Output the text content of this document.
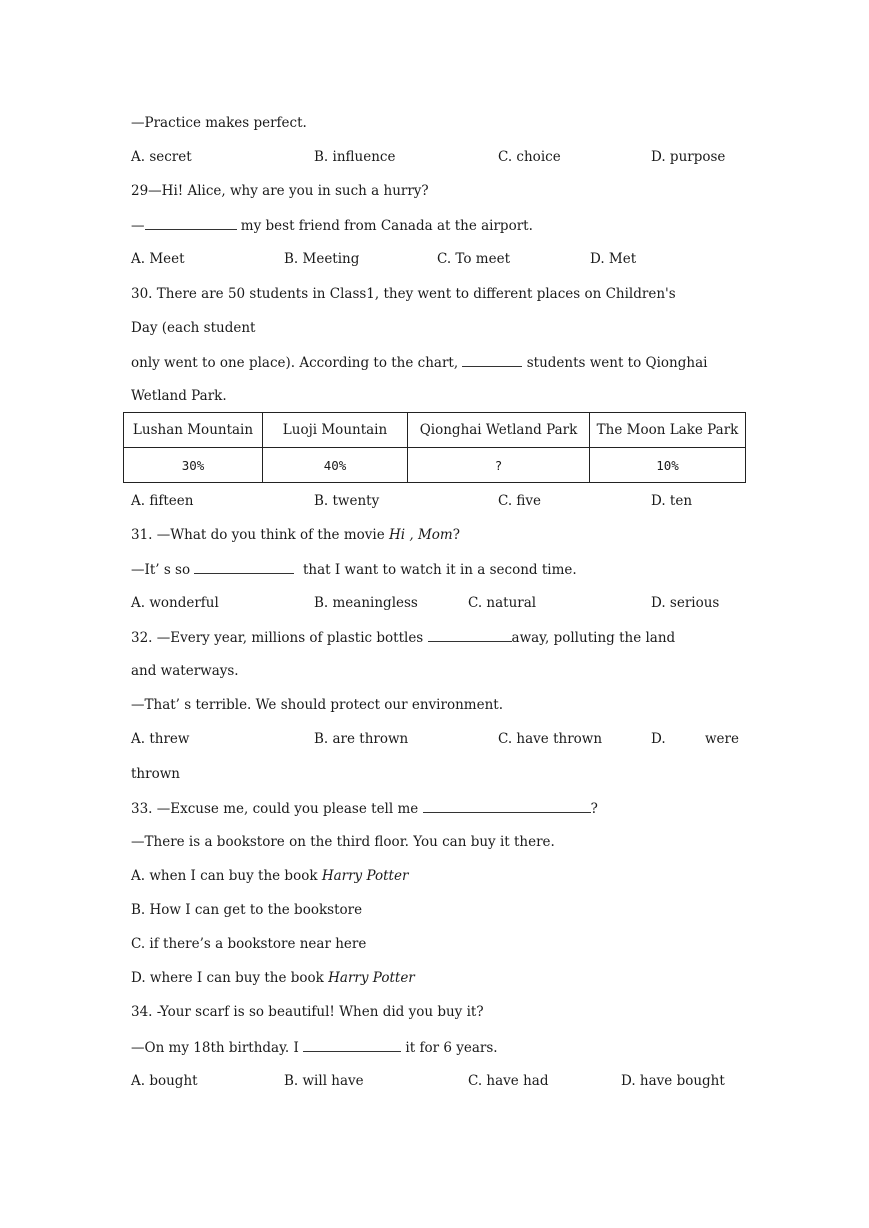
—Practice makes perfect.
A. secret	B. influence	C. choice	D. purpose
29—Hi! Alice, why are you in such a hurry?
—	my best friend from Canada at the airport.
A. Meet	B. Meeting	C. To meet	D. Met
30. There are 50 students in Class1, they went to different places on Children's
Day (each student
only went to one place). According to the chart,	students went to Qionghai
Wetland Park.
Lushan Mountain	Luoji Mountain	Qionghai Wetland Park	The Moon Lake Park
30%	40%	?	10%
A. fifteen	B. twenty	C. five	D. ten
31. —What do you think of the movie Hi , Mom?
—It’ s so	that I want to watch it in a second time.
A. wonderful	B. meaningless	C. natural	D. serious
32. —Every year, millions of plastic bottles	away, polluting the land
and waterways.
—That’ s terrible. We should protect our environment.
A. threw	B. are thrown	C. have thrown	D.	were
thrown
33. —Excuse me, could you please tell me	?
—There is a bookstore on the third floor. You can buy it there.
A. when I can buy the book Harry Potter
B. How I can get to the bookstore
C. if there’s a bookstore near here
D. where I can buy the book Harry Potter
34. -Your scarf is so beautiful! When did you buy it?
—On my 18th birthday. I	it for 6 years.
A. bought	B. will have	C. have had	D. have bought
